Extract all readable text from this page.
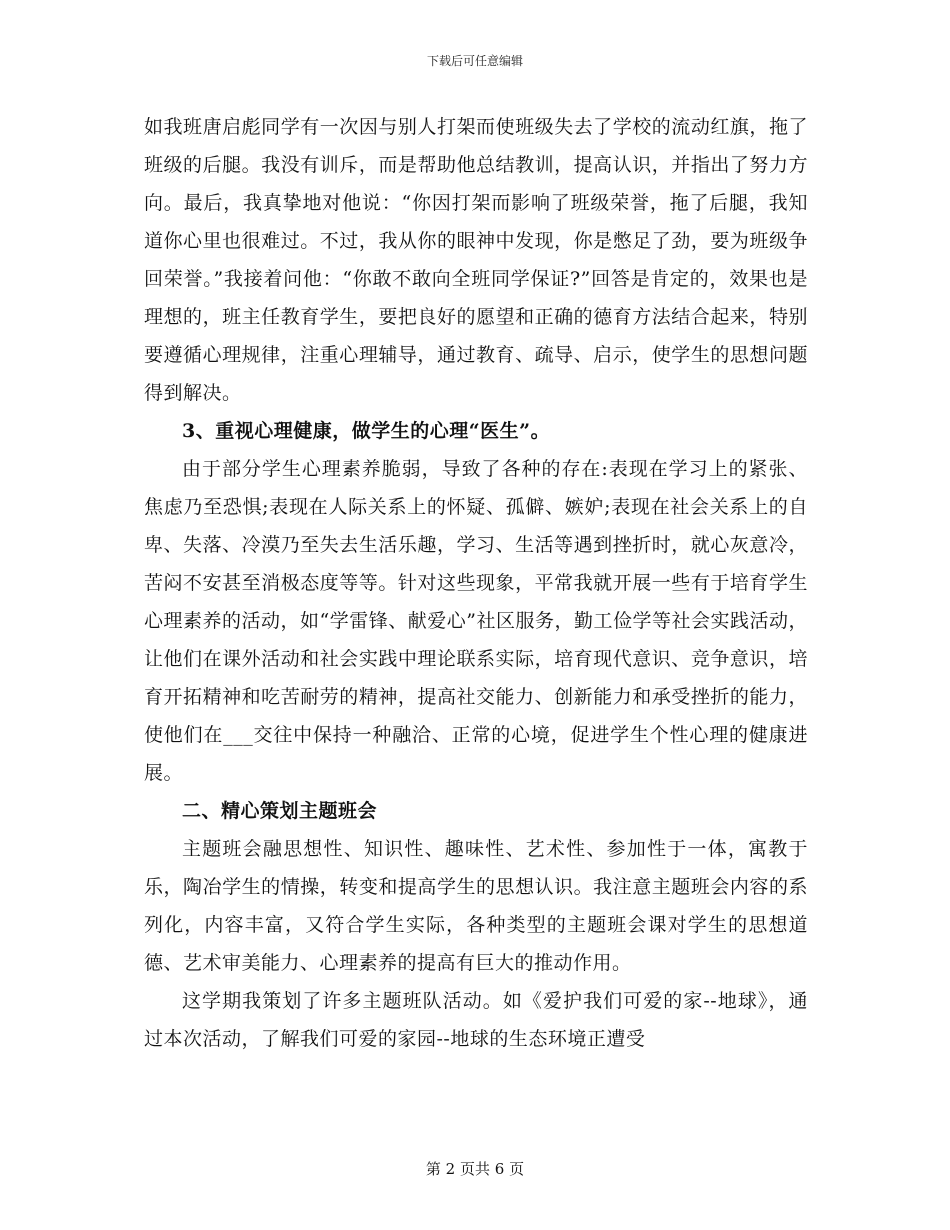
下载后可任意编辑

如我班唐启彪同学有一次因与别人打架而使班级失去了学校的流动红旗，拖了班级的后腿。我没有训斥，而是帮助他总结教训，提高认识，并指出了努力方向。最后，我真挚地对他说：“你因打架而影响了班级荣誉，拖了后腿，我知道你心里也很难过。不过，我从你的眼神中发现，你是憋足了劲，要为班级争回荣誉。”我接着问他：“你敢不敢向全班同学保证?”回答是肯定的，效果也是理想的，班主任教育学生，要把良好的愿望和正确的德育方法结合起来，特别要遵循心理规律，注重心理辅导，通过教育、疏导、启示，使学生的思想问题得到解决。

3、重视心理健康，做学生的心理“医生”。

由于部分学生心理素养脆弱，导致了各种的存在:表现在学习上的紧张、焦虑乃至恐惧;表现在人际关系上的怀疑、孤僻、嫉妒;表现在社会关系上的自卑、失落、冷漠乃至失去生活乐趣，学习、生活等遇到挫折时，就心灰意冷，苦闷不安甚至消极态度等等。针对这些现象，平常我就开展一些有于培育学生心理素养的活动，如“学雷锋、献爱心”社区服务，勤工俭学等社会实践活动，让他们在课外活动和社会实践中理论联系实际，培育现代意识、竞争意识，培育开拓精神和吃苦耐劳的精神，提高社交能力、创新能力和承受挫折的能力，使他们在___交往中保持一种融洽、正常的心境，促进学生个性心理的健康进展。

二、精心策划主题班会

主题班会融思想性、知识性、趣味性、艺术性、参加性于一体，寓教于乐，陶冶学生的情操，转变和提高学生的思想认识。我注意主题班会内容的系列化，内容丰富，又符合学生实际，各种类型的主题班会课对学生的思想道德、艺术审美能力、心理素养的提高有巨大的推动作用。

这学期我策划了许多主题班队活动。如《爱护我们可爱的家--地球》，通过本次活动，了解我们可爱的家园--地球的生态环境正遭受

第 2 页共 6 页
